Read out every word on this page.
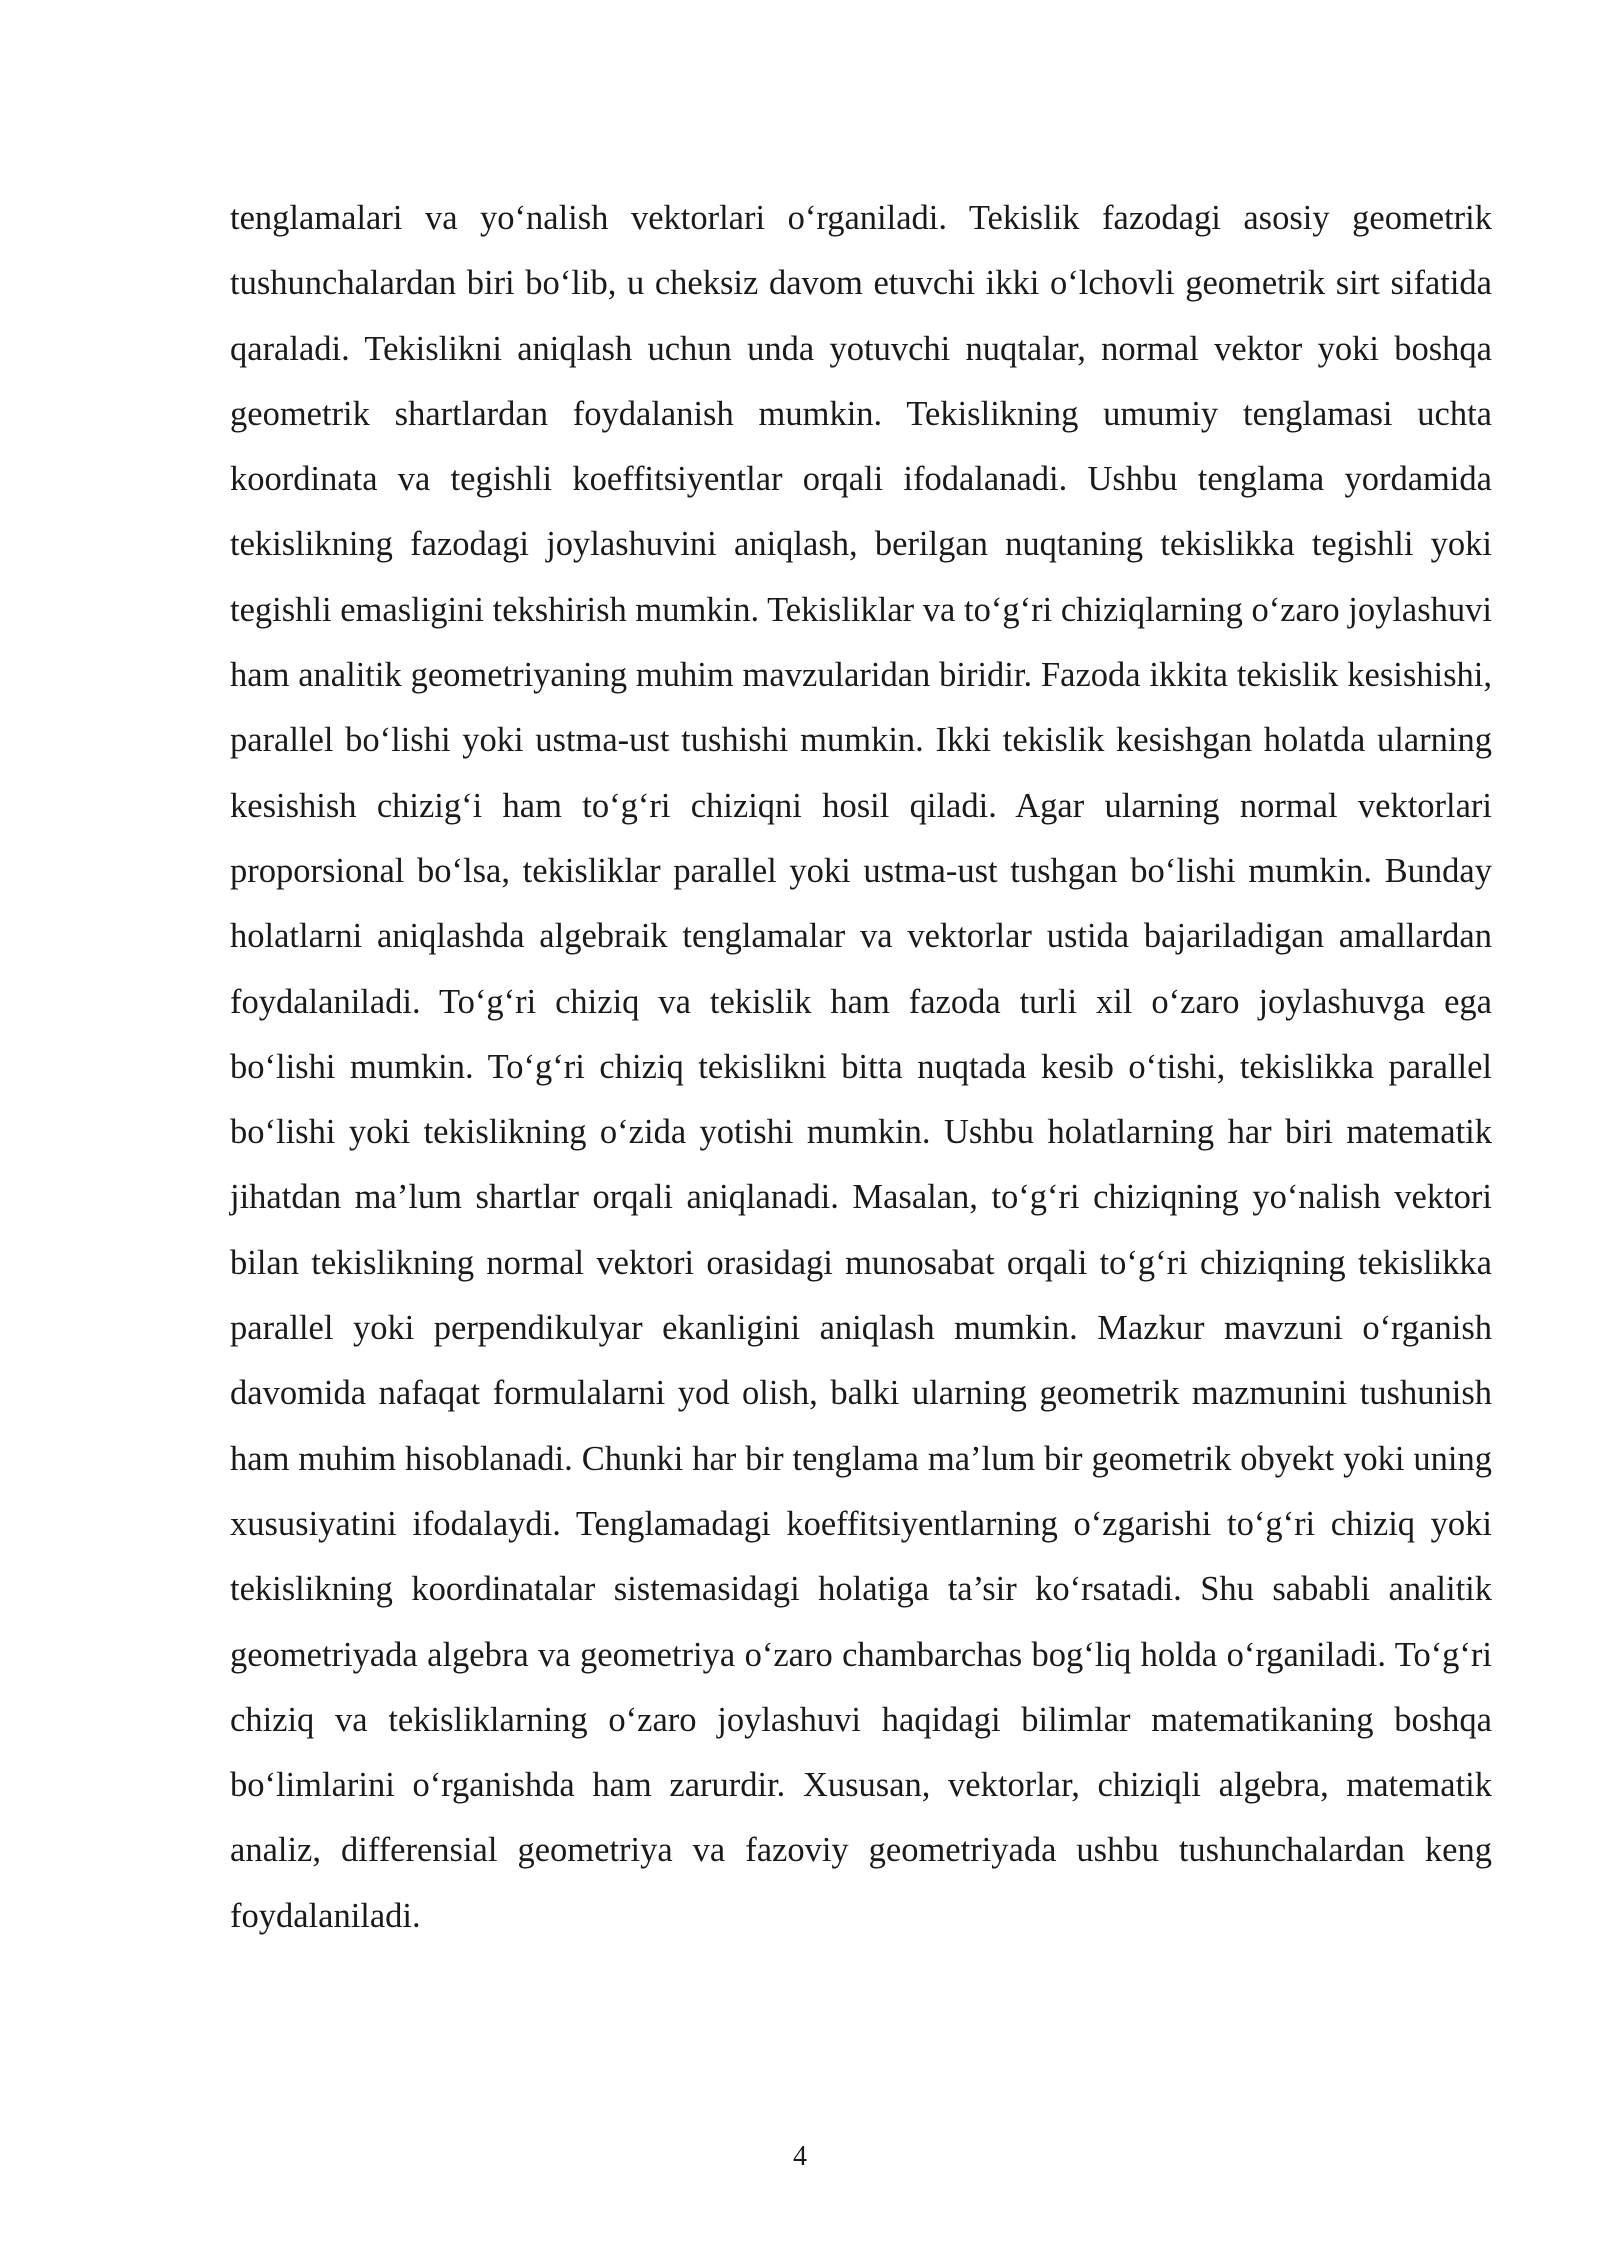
tenglamalari va yo‘nalish vektorlari o‘rganiladi. Tekislik fazodagi asosiy geometrik tushunchalardan biri bo‘lib, u cheksiz davom etuvchi ikki o‘lchovli geometrik sirt sifatida qaraladi. Tekislikni aniqlash uchun unda yotuvchi nuqtalar, normal vektor yoki boshqa geometrik shartlardan foydalanish mumkin. Tekislikning umumiy tenglamasi uchta koordinata va tegishli koeffitsiyentlar orqali ifodalanadi. Ushbu tenglama yordamida tekislikning fazodagi joylashuvini aniqlash, berilgan nuqtaning tekislikka tegishli yoki tegishli emasligini tekshirish mumkin. Tekisliklar va to‘g‘ri chiziqlarning o‘zaro joylashuvi ham analitik geometriyaning muhim mavzularidan biridir. Fazoda ikkita tekislik kesishishi, parallel bo‘lishi yoki ustma-ust tushishi mumkin. Ikki tekislik kesishgan holatda ularning kesishish chizig‘i ham to‘g‘ri chiziqni hosil qiladi. Agar ularning normal vektorlari proporsional bo‘lsa, tekisliklar parallel yoki ustma-ust tushgan bo‘lishi mumkin. Bunday holatlarni aniqlashda algebraik tenglamalar va vektorlar ustida bajariladigan amallardan foydalaniladi. To‘g‘ri chiziq va tekislik ham fazoda turli xil o‘zaro joylashuvga ega bo‘lishi mumkin. To‘g‘ri chiziq tekislikni bitta nuqtada kesib o‘tishi, tekislikka parallel bo‘lishi yoki tekislikning o‘zida yotishi mumkin. Ushbu holatlarning har biri matematik jihatdan ma’lum shartlar orqali aniqlanadi. Masalan, to‘g‘ri chiziqning yo‘nalish vektori bilan tekislikning normal vektori orasidagi munosabat orqali to‘g‘ri chiziqning tekislikka parallel yoki perpendikulyar ekanligini aniqlash mumkin. Mazkur mavzuni o‘rganish davomida nafaqat formulalarni yod olish, balki ularning geometrik mazmunini tushunish ham muhim hisoblanadi. Chunki har bir tenglama ma’lum bir geometrik obyekt yoki uning xususiyatini ifodalaydi. Tenglamadagi koeffitsiyentlarning o‘zgarishi to‘g‘ri chiziq yoki tekislikning koordinatalar sistemasidagi holatiga ta’sir ko‘rsatadi. Shu sababli analitik geometriyada algebra va geometriya o‘zaro chambarchas bog‘liq holda o‘rganiladi. To‘g‘ri chiziq va tekisliklarning o‘zaro joylashuvi haqidagi bilimlar matematikaning boshqa bo‘limlarini o‘rganishda ham zarurdir. Xususan, vektorlar, chiziqli algebra, matematik analiz, differensial geometriya va fazoviy geometriyada ushbu tushunchalardan keng foydalaniladi.

4
